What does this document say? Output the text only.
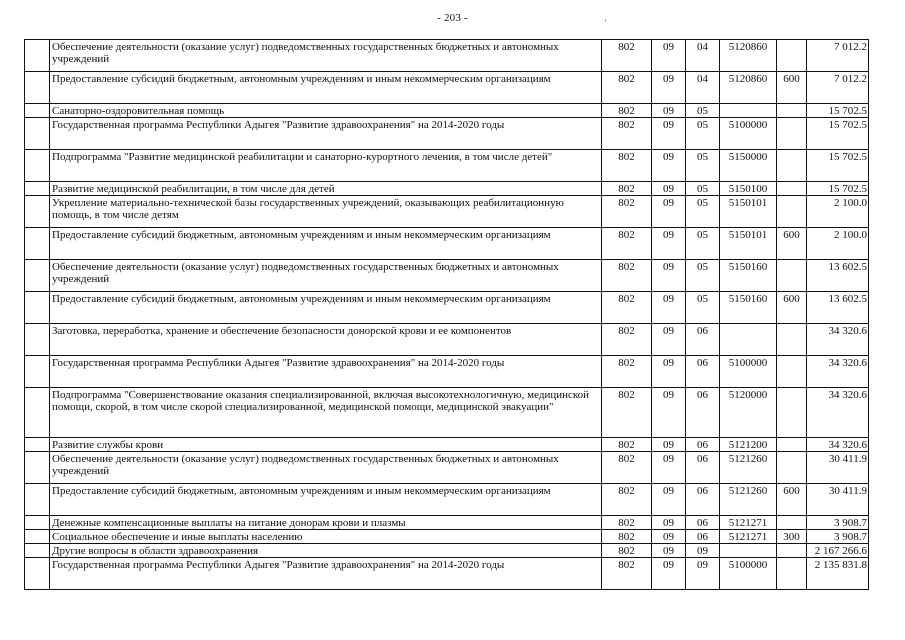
- 203 -	ʼ
	Обеспечение деятельности (оказание услуг) подведомственных государственных бюджетных и автономных учреждений	802	09	04	5120860		7 012.2
	Предоставление субсидий бюджетным, автономным учреждениям и иным некоммерческим организациям	802	09	04	5120860	600	7 012.2
	Санаторно-оздоровительная помощь	802	09	05			15 702.5
	Государственная программа Республики Адыгея "Развитие здравоохранения" на 2014-2020 годы	802	09	05	5100000		15 702.5
	Подпрограмма "Развитие медицинской реабилитации и санаторно-курортного лечения, в том числе детей"	802	09	05	5150000		15 702.5
	Развитие медицинской реабилитации, в том числе для детей	802	09	05	5150100		15 702.5
	Укрепление материально-технической базы государственных учреждений, оказывающих реабилитационную помощь, в том числе детям	802	09	05	5150101		2 100.0
	Предоставление субсидий бюджетным, автономным учреждениям и иным некоммерческим организациям	802	09	05	5150101	600	2 100.0
	Обеспечение деятельности (оказание услуг) подведомственных государственных бюджетных и автономных учреждений	802	09	05	5150160		13 602.5
	Предоставление субсидий бюджетным, автономным учреждениям и иным некоммерческим организациям	802	09	05	5150160	600	13 602.5
	Заготовка, переработка, хранение и обеспечение безопасности донорской крови и ее компонентов	802	09	06			34 320.6
	Государственная программа Республики Адыгея "Развитие здравоохранения" на 2014-2020 годы	802	09	06	5100000		34 320.6
	Подпрограмма "Совершенствование оказания специализированной, включая высокотехнологичную, медицинской помощи, скорой, в том числе скорой специализированной, медицинской помощи, медицинской эвакуации"	802	09	06	5120000		34 320.6
	Развитие службы крови	802	09	06	5121200		34 320.6
	Обеспечение деятельности (оказание услуг) подведомственных государственных бюджетных и автономных учреждений	802	09	06	5121260		30 411.9
	Предоставление субсидий бюджетным, автономным учреждениям и иным некоммерческим организациям	802	09	06	5121260	600	30 411.9
	Денежные компенсационные выплаты на питание донорам крови и плазмы	802	09	06	5121271		3 908.7
	Социальное обеспечение и иные выплаты населению	802	09	06	5121271	300	3 908.7
	Другие вопросы в области здравоохранения	802	09	09			2 167 266.6
	Государственная программа Республики Адыгея "Развитие здравоохранения" на 2014-2020 годы	802	09	09	5100000		2 135 831.8
